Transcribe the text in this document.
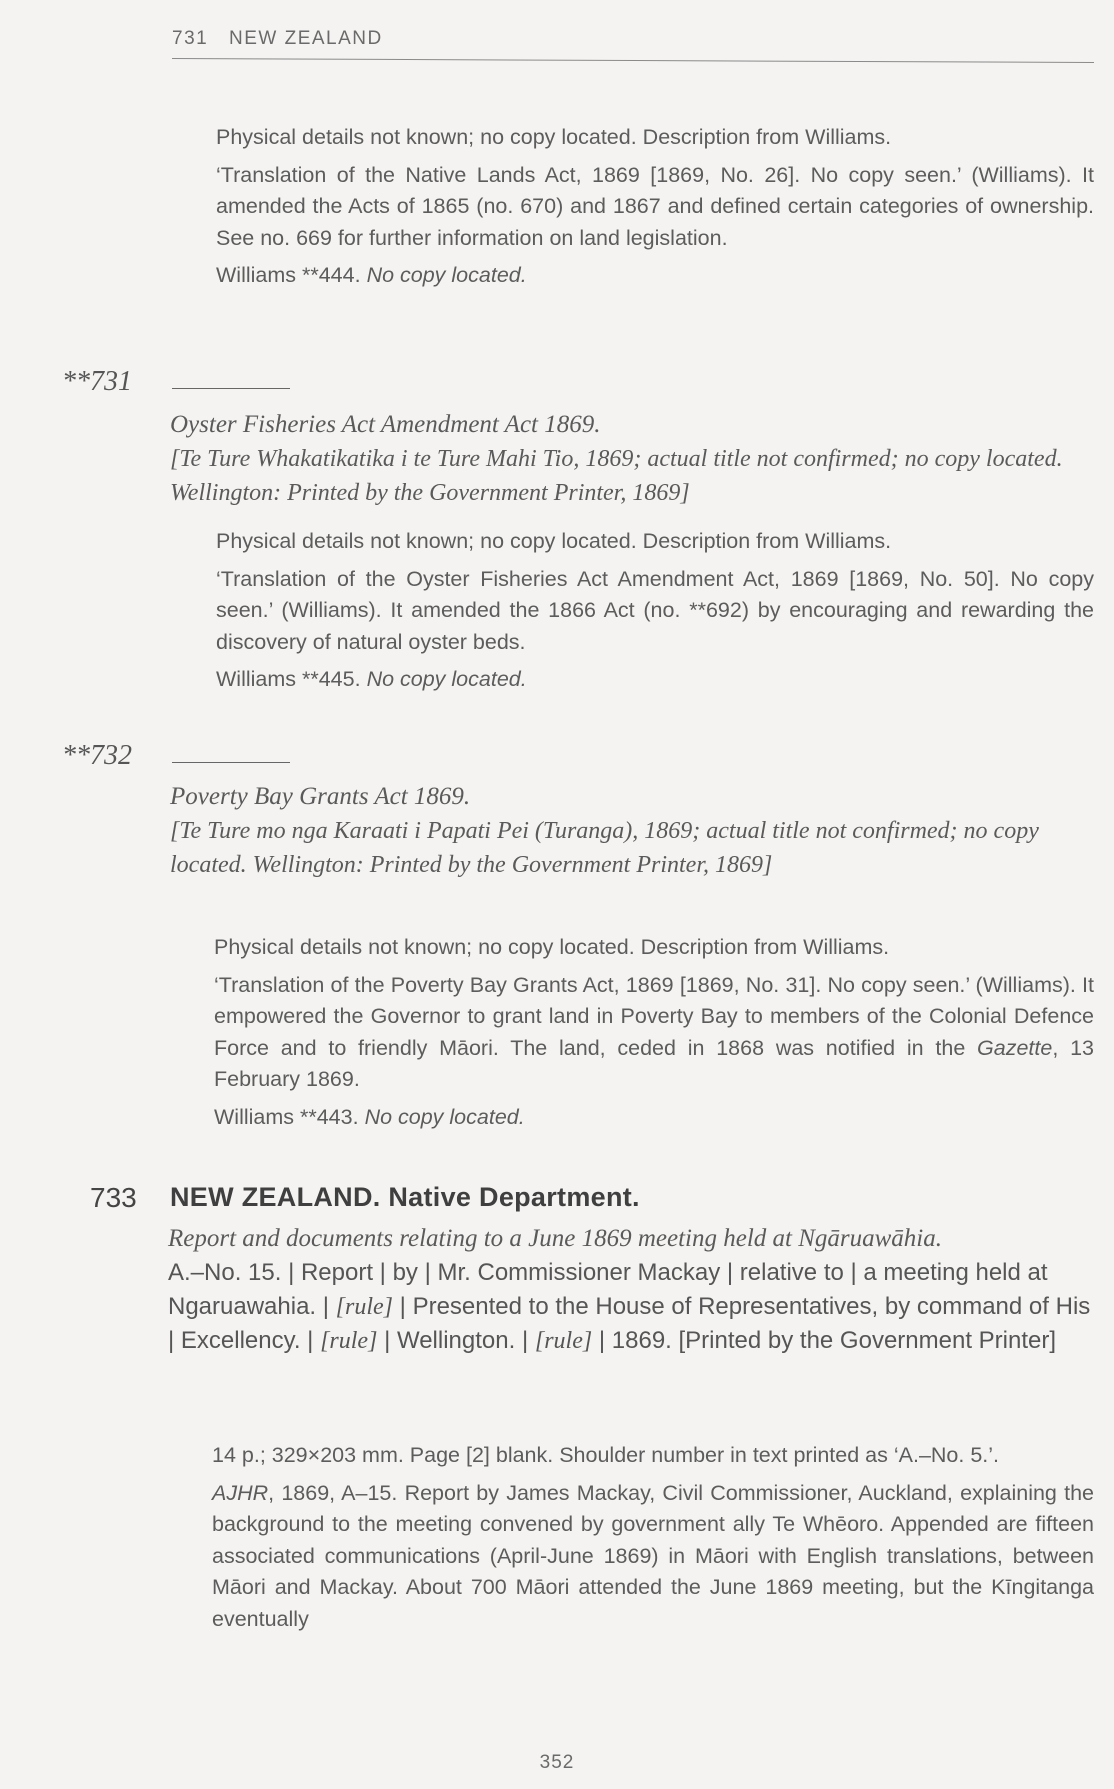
731 NEW ZEALAND

Physical details not known; no copy located. Description from Williams.

‘Translation of the Native Lands Act, 1869 [1869, No. 26]. No copy seen.’ (Williams). It amended the Acts of 1865 (no. 670) and 1867 and defined certain categories of ownership. See no. 669 for further information on land legislation.

Williams **444. No copy located.

**731

Oyster Fisheries Act Amendment Act 1869.

[Te Ture Whakatikatika i te Ture Mahi Tio, 1869; actual title not confirmed; no copy located. Wellington: Printed by the Government Printer, 1869]

Physical details not known; no copy located. Description from Williams.

‘Translation of the Oyster Fisheries Act Amendment Act, 1869 [1869, No. 50]. No copy seen.’ (Williams). It amended the 1866 Act (no. **692) by encouraging and rewarding the discovery of natural oyster beds.

Williams **445. No copy located.

**732

Poverty Bay Grants Act 1869.

[Te Ture mo nga Karaati i Papati Pei (Turanga), 1869; actual title not confirmed; no copy located. Wellington: Printed by the Government Printer, 1869]

Physical details not known; no copy located. Description from Williams.

‘Translation of the Poverty Bay Grants Act, 1869 [1869, No. 31]. No copy seen.’ (Williams). It empowered the Governor to grant land in Poverty Bay to members of the Colonial Defence Force and to friendly Māori. The land, ceded in 1868 was notified in the Gazette, 13 February 1869.

Williams **443. No copy located.

733 NEW ZEALAND. Native Department.

Report and documents relating to a June 1869 meeting held at Ngāruawāhia.

A.–No. 15. | Report | by | Mr. Commissioner Mackay | relative to | a meeting held at Ngaruawahia. | [rule] | Presented to the House of Representatives, by command of His | Excellency. | [rule] | Wellington. | [rule] | 1869. [Printed by the Government Printer]

14 p.; 329×203 mm. Page [2] blank. Shoulder number in text printed as ‘A.–No. 5.’.

AJHR, 1869, A–15. Report by James Mackay, Civil Commissioner, Auckland, explaining the background to the meeting convened by government ally Te Whēoro. Appended are fifteen associated communications (April-June 1869) in Māori with English translations, between Māori and Mackay. About 700 Māori attended the June 1869 meeting, but the Kīngitanga eventually

352
